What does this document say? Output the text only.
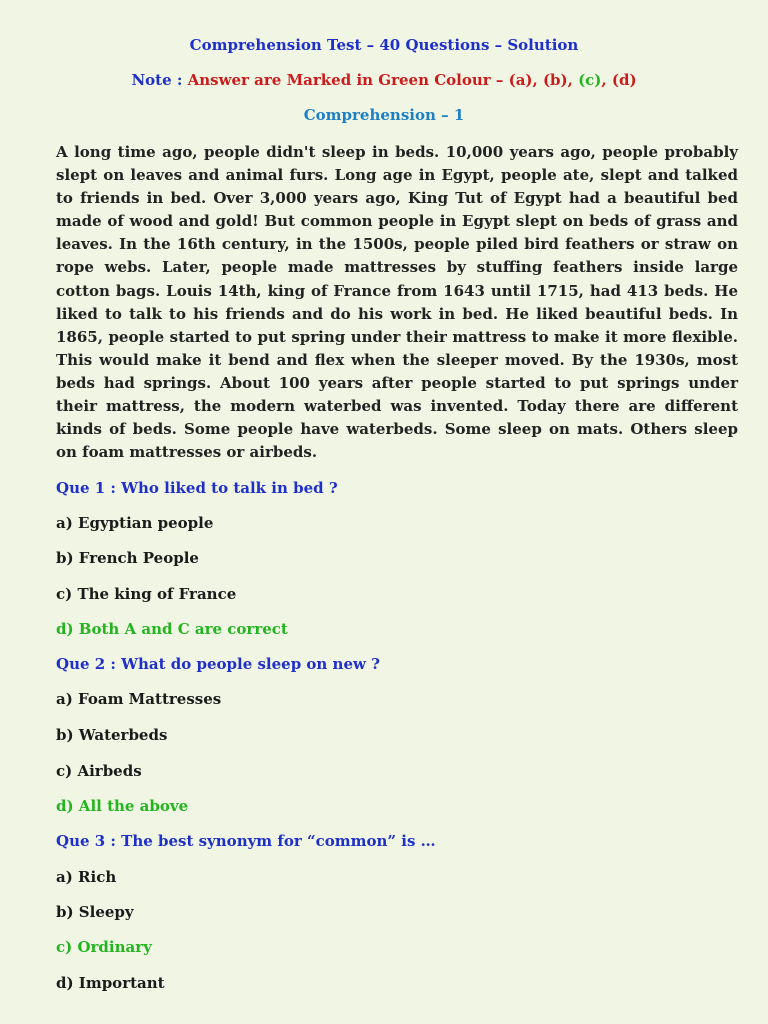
Comprehension Test – 40 Questions – Solution
Note : Answer are Marked in Green Colour – (a), (b), (c), (d)
Comprehension – 1

A long time ago, people didn't sleep in beds. 10,000 years ago, people probably slept on leaves and animal furs. Long age in Egypt, people ate, slept and talked to friends in bed. Over 3,000 years ago, King Tut of Egypt had a beautiful bed made of wood and gold! But common people in Egypt slept on beds of grass and leaves. In the 16th century, in the 1500s, people piled bird feathers or straw on rope webs. Later, people made mattresses by stuffing feathers inside large cotton bags. Louis 14th, king of France from 1643 until 1715, had 413 beds. He liked to talk to his friends and do his work in bed. He liked beautiful beds. In 1865, people started to put spring under their mattress to make it more flexible. This would make it bend and flex when the sleeper moved. By the 1930s, most beds had springs. About 100 years after people started to put springs under their mattress, the modern waterbed was invented. Today there are different kinds of beds. Some people have waterbeds. Some sleep on mats. Others sleep on foam mattresses or airbeds.

Que 1 : Who liked to talk in bed ?
a) Egyptian people
b) French People
c) The king of France
d) Both A and C are correct
Que 2 : What do people sleep on new ?
a) Foam Mattresses
b) Waterbeds
c) Airbeds
d) All the above
Que 3 : The best synonym for “common” is …
a) Rich
b) Sleepy
c) Ordinary
d) Important
